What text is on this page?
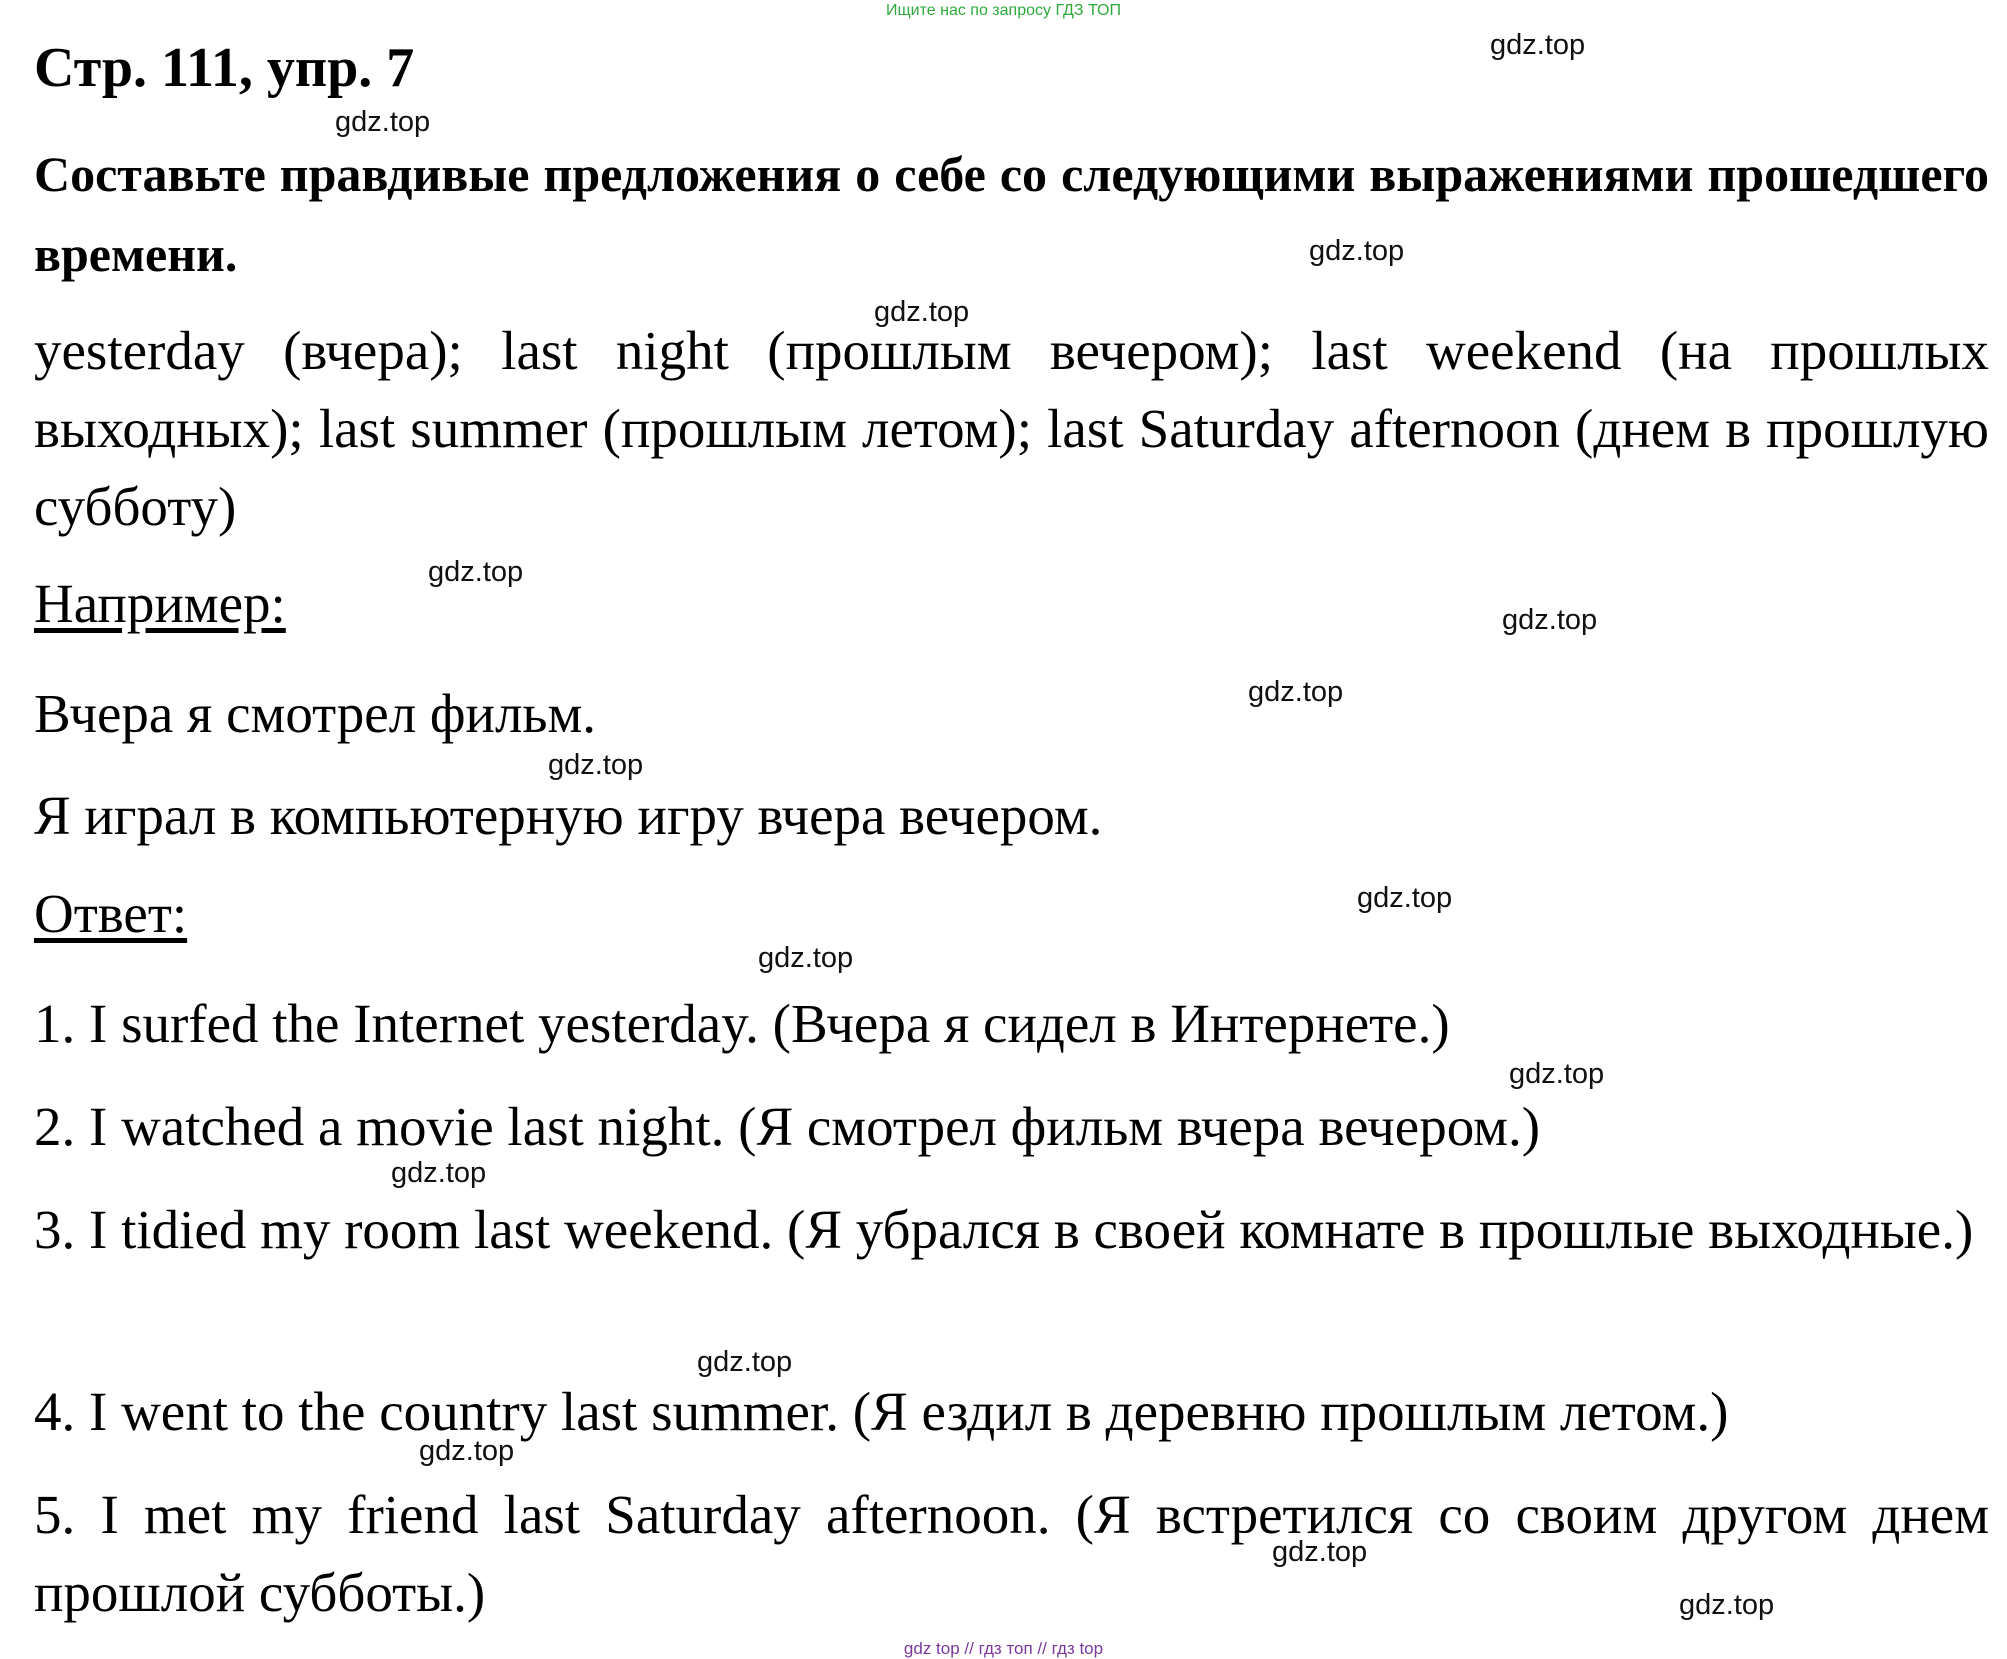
Ищите нас по запросу ГДЗ ТОП
Стр. 111, упр. 7
Составьте правдивые предложения о себе со следующими выражениями прошедшего времени.
yesterday (вчера); last night (прошлым вечером); last weekend (на прошлых выходных); last summer (прошлым летом); last Saturday afternoon (днем в прошлую субботу)
Например:
Вчера я смотрел фильм.
Я играл в компьютерную игру вчера вечером.
Ответ:
1. I surfed the Internet yesterday. (Вчера я сидел в Интернете.)
2. I watched a movie last night. (Я смотрел фильм вчера вечером.)
3. I tidied my room last weekend. (Я убрался в своей комнате в прошлые выходные.)
4. I went to the country last summer. (Я ездил в деревню прошлым летом.)
5. I met my friend last Saturday afternoon. (Я встретился со своим другом днем прошлой субботы.)
gdz.top
gdz.top
gdz.top
gdz.top
gdz.top
gdz.top
gdz.top
gdz.top
gdz.top
gdz.top
gdz.top
gdz.top
gdz.top
gdz.top
gdz.top
gdz.top
gdz top // гдз топ // гдз top
